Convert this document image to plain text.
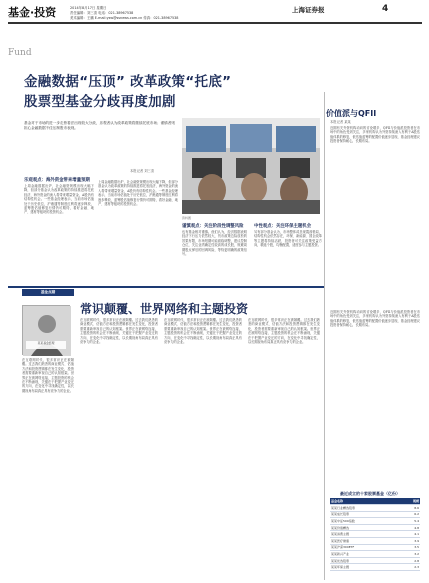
基金·投资
Fund
2014年8月17日 星期日
责任编辑：刘三喜 电话：021-38967538
美术编辑：王鹏 E-mail:ysw@ssnews.com.cn 传真：021-38967538
上海证券报	4
金融数据“压顶” 改革政策“托底”
股票型基金分歧再度加剧
基金对于市场的进一步走势看法出现较大分歧，乐观者认为改革政策将继续托底市场；谨慎者则担心金融数据不佳压制股市表现。
本报记者 刘三喜
资料图
乐观观点：海外资金带来增量预期
上周金融数据出炉，社会融资规模出现大幅下降，但部分基金认为改革政策的持续推进将托底经济，海外资金的流入将带来增量资金，A股仍有结构性机会。一些基金经理表示，当前市场估值处于历史低位，沪港通等制度红利将逐步释放，蓝筹股估值修复行情仍可期待，看好金融、地产、建材等板块的投资机会。
上周金融数据出炉，社会融资规模出现大幅下降，但部分基金认为改革政策的持续推进将托底经济，海外资金的流入将带来增量资金，A股仍有结构性机会。一些基金经理表示，当前市场估值处于历史低位，沪港通等制度红利将逐步释放，蓝筹股估值修复行情仍可期待，看好金融、地产、建材等板块的投资机会。
谨慎观点：关注阶段性调整风险
也有基金相对谨慎。他们认为，经济数据表明经济下行压力依然较大，货币政策边际放松的效果有限，市场短期可能面临调整，建议控制仓位，关注业绩确定性较高的成长股，规避周期股反弹后的回调风险，等待更明确的政策信号。
中性观点：关注环保主题机会
另有部分基金认为，市场整体或呈现震荡格局，结构性机会依然存在，环保、新能源、国企改革等主题将持续活跃，投资者可关注政策受益方向，精选个股，均衡配置，适度参与主题投资。
价值派与QFII
本报记者 某某
近期有关外资机构动向的讨论增多，QFII与价值派投资者在市场中的角色受到关注，多家机构认为外资持续流入有利于A股估值体系的修复，低估值蓝筹的配置价值逐步显现，基金经理建议投资者保持耐心，长期布局。
近期有关外资机构动向的讨论增多，QFII与价值派投资者在市场中的角色受到关注，多家机构认为外资持续流入有利于A股估值体系的修复，低估值蓝筹的配置价值逐步显现，基金经理建议投资者保持耐心，长期布局。
最近成立的十家股票基金（亿份）
基金名称	规模
某某行业精选股票	8.6
某某成长股票	6.2
某某中证500指数	5.4
某某价值精选	4.8
某某消费主题	4.1
某某医疗健康	3.9
某某沪深300ETF	3.5
某某新兴产业	3.2
某某优选股票	2.8
某某环保主题	2.3
基金点睛
常识颠覆、世界网络和主题投资
某某基金经理
在互联网时代，很多常识正在被颠覆。过去我们熟悉的商业模式、估值方法和投资逻辑都在发生变化，投资者需要重新审视自己的认知框架。世界正在被网络连接，主题投资的机会在不断涌现，关键在于把握产业变迁的方向，在变化中寻找确定性，以长期视角布局真正具有竞争力的企业。
在互联网时代，很多常识正在被颠覆。过去我们熟悉的商业模式、估值方法和投资逻辑都在发生变化，投资者需要重新审视自己的认知框架。世界正在被网络连接，主题投资的机会在不断涌现，关键在于把握产业变迁的方向，在变化中寻找确定性，以长期视角布局真正具有竞争力的企业。
在互联网时代，很多常识正在被颠覆。过去我们熟悉的商业模式、估值方法和投资逻辑都在发生变化，投资者需要重新审视自己的认知框架。世界正在被网络连接，主题投资的机会在不断涌现，关键在于把握产业变迁的方向，在变化中寻找确定性，以长期视角布局真正具有竞争力的企业。
在互联网时代，很多常识正在被颠覆。过去我们熟悉的商业模式、估值方法和投资逻辑都在发生变化，投资者需要重新审视自己的认知框架。世界正在被网络连接，主题投资的机会在不断涌现，关键在于把握产业变迁的方向，在变化中寻找确定性，以长期视角布局真正具有竞争力的企业。
